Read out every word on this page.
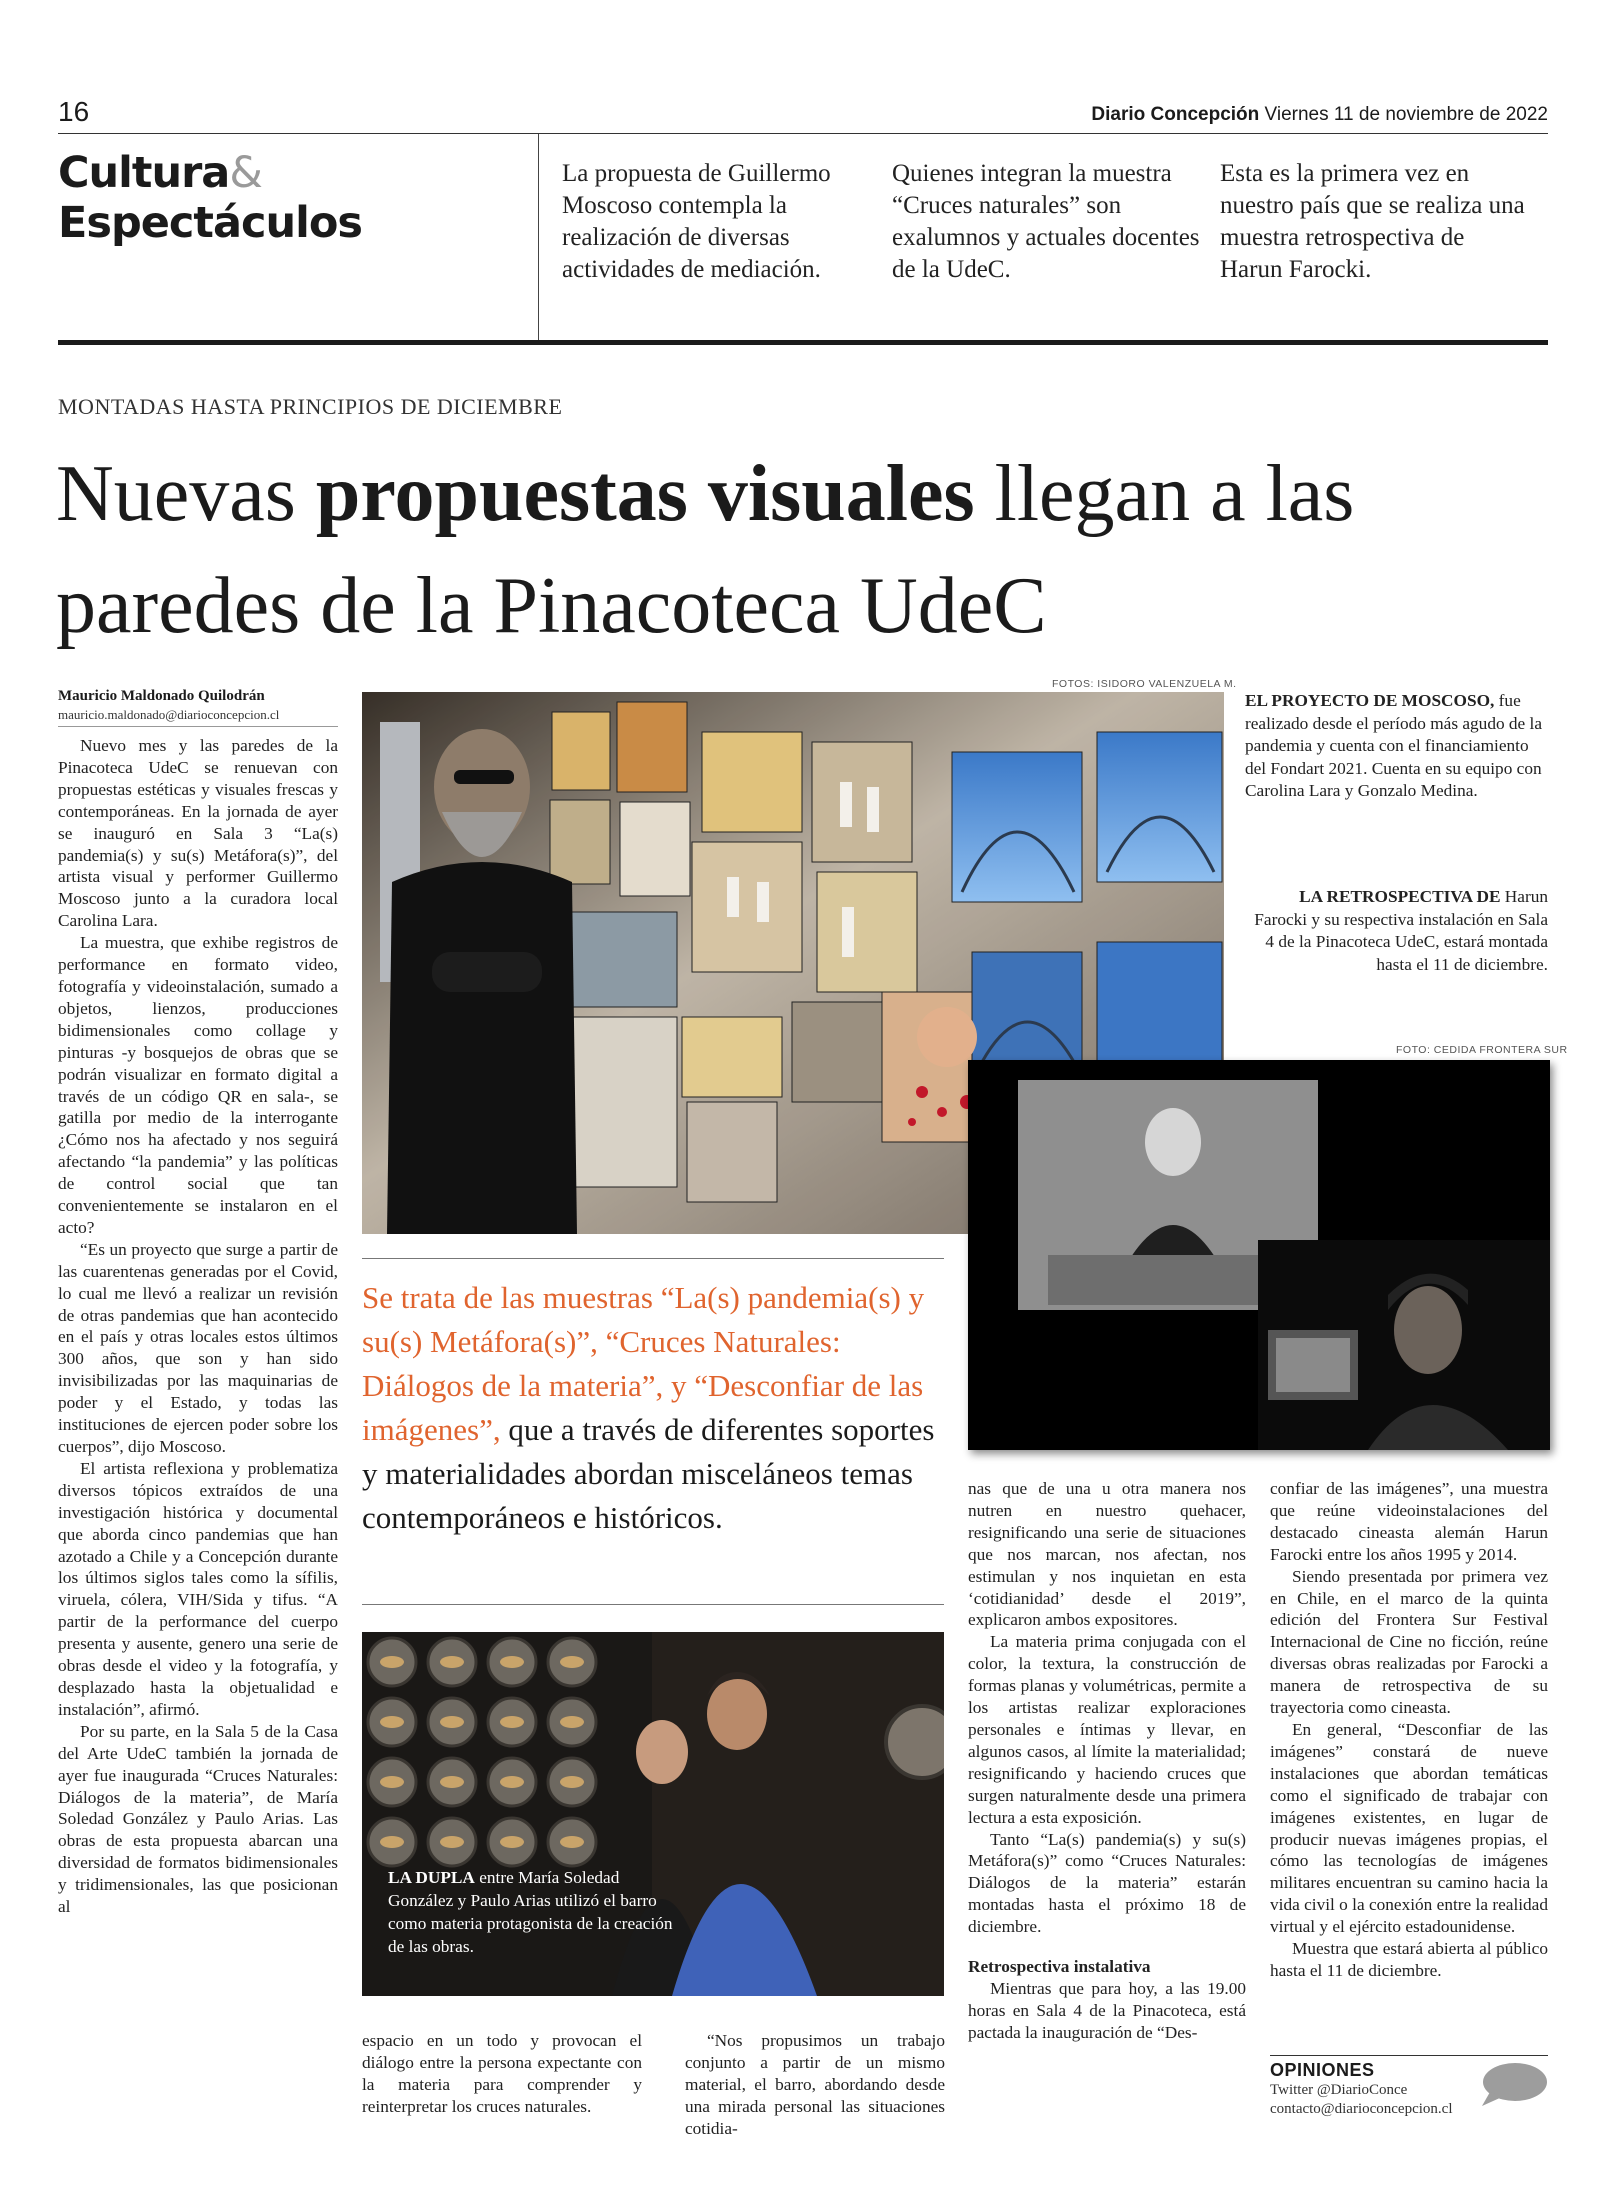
16	Diario Concepción Viernes 11 de noviembre de 2022
Cultura&
Espectáculos
La propuesta de Guillermo Moscoso contempla la realización de diversas actividades de mediación.
Quienes integran la muestra “Cruces naturales” son exalumnos y actuales docentes de la UdeC.
Esta es la primera vez en nuestro país que se realiza una muestra retrospectiva de Harun Farocki.
MONTADAS HASTA PRINCIPIOS DE DICIEMBRE
Nuevas propuestas visuales llegan a las paredes de la Pinacoteca UdeC
Mauricio Maldonado Quilodrán
mauricio.maldonado@diarioconcepcion.cl

Nuevo mes y las paredes de la Pinacoteca UdeC se renuevan con propuestas estéticas y visuales frescas y contemporáneas. En la jornada de ayer se inauguró en Sala 3 “La(s) pandemia(s) y su(s) Metáfora(s)”, del artista visual y performer Guillermo Moscoso junto a la curadora local Carolina Lara.

La muestra, que exhibe registros de performance en formato video, fotografía y videoinstalación, sumado a objetos, lienzos, producciones bidimensionales como collage y pinturas -y bosquejos de obras que se podrán visualizar en formato digital a través de un código QR en sala-, se gatilla por medio de la interrogante ¿Cómo nos ha afectado y nos seguirá afectando “la pandemia” y las políticas de control social que tan convenientemente se instalaron en el acto?

“Es un proyecto que surge a partir de las cuarentenas generadas por el Covid, lo cual me llevó a realizar un revisión de otras pandemias que han acontecido en el país y otras locales estos últimos 300 años, que son y han sido invisibilizadas por las maquinarias de poder y el Estado, y todas las instituciones de ejercen poder sobre los cuerpos”, dijo Moscoso.

El artista reflexiona y problematiza diversos tópicos extraídos de una investigación histórica y documental que aborda cinco pandemias que han azotado a Chile y a Concepción durante los últimos siglos tales como la sífilis, viruela, cólera, VIH/Sida y tifus. “A partir de la performance del cuerpo presenta y ausente, genero una serie de obras desde el video y la fotografía, y desplazado hasta la objetualidad e instalación”, afirmó.

Por su parte, en la Sala 5 de la Casa del Arte UdeC también la jornada de ayer fue inaugurada “Cruces Naturales: Diálogos de la materia”, de María Soledad González y Paulo Arias. Las obras de esta propuesta abarcan una diversidad de formatos bidimensionales y tridimensionales, las que posicionan al

FOTOS: ISIDORO VALENZUELA M.
EL PROYECTO DE MOSCOSO, fue realizado desde el período más agudo de la pandemia y cuenta con el financiamiento del Fondart 2021. Cuenta en su equipo con Carolina Lara y Gonzalo Medina.
LA RETROSPECTIVA DE Harun Farocki y su respectiva instalación en Sala 4 de la Pinacoteca UdeC, estará montada hasta el 11 de diciembre.
FOTO: CEDIDA FRONTERA SUR
Se trata de las muestras “La(s) pandemia(s) y su(s) Metáfora(s)”, “Cruces Naturales: Diálogos de la materia”, y “Desconfiar de las imágenes”, que a través de diferentes soportes y materialidades abordan misceláneos temas contemporáneos e históricos.
LA DUPLA entre María Soledad González y Paulo Arias utilizó el barro como materia protagonista de la creación de las obras.

espacio en un todo y provocan el diálogo entre la persona expectante con la materia para comprender y reinterpretar los cruces naturales.

“Nos propusimos un trabajo conjunto a partir de un mismo material, el barro, abordando desde una mirada personal las situaciones cotidia-

nas que de una u otra manera nos nutren en nuestro quehacer, resignificando una serie de situaciones que nos marcan, nos afectan, nos estimulan y nos inquietan en esta ‘cotidianidad’ desde el 2019”, explicaron ambos expositores.

La materia prima conjugada con el color, la textura, la construcción de formas planas y volumétricas, permite a los artistas realizar exploraciones personales e íntimas y llevar, en algunos casos, al límite la materialidad; resignificando y haciendo cruces que surgen naturalmente desde una primera lectura a esta exposición.

Tanto “La(s) pandemia(s) y su(s) Metáfora(s)” como “Cruces Naturales: Diálogos de la materia” estarán montadas hasta el próximo 18 de diciembre.

Retrospectiva instalativa

Mientras que para hoy, a las 19.00 horas en Sala 4 de la Pinacoteca, está pactada la inauguración de “Des-

confiar de las imágenes”, una muestra que reúne videoinstalaciones del destacado cineasta alemán Harun Farocki entre los años 1995 y 2014.

Siendo presentada por primera vez en Chile, en el marco de la quinta edición del Frontera Sur Festival Internacional de Cine no ficción, reúne diversas obras realizadas por Farocki a manera de retrospectiva de su trayectoria como cineasta.

En general, “Desconfiar de las imágenes” constará de nueve instalaciones que abordan temáticas como el significado de trabajar con imágenes existentes, en lugar de producir nuevas imágenes propias, el cómo las tecnologías de imágenes militares encuentran su camino hacia la vida civil o la conexión entre la realidad virtual y el ejército estadounidense.

Muestra que estará abierta al público hasta el 11 de diciembre.

OPINIONES
Twitter @DiarioConce
contacto@diarioconcepcion.cl
